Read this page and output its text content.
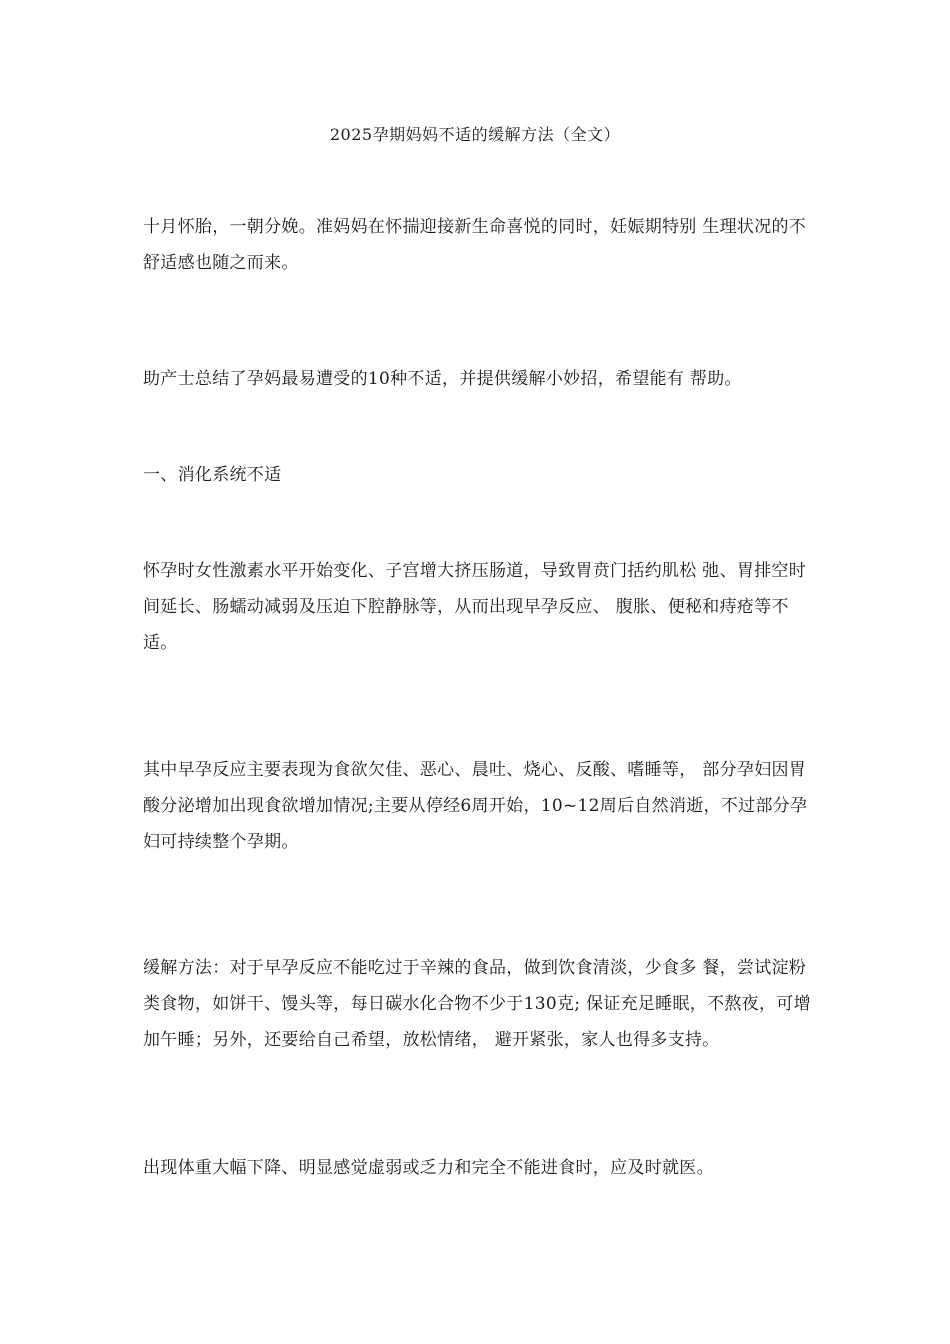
2025孕期妈妈不适的缓解方法（全文）

十月怀胎，一朝分娩。准妈妈在怀揣迎接新生命喜悦的同时，妊娠期特别 生理状况的不舒适感也随之而来。

助产士总结了孕妈最易遭受的10种不适，并提供缓解小妙招，希望能有 帮助。

一、消化系统不适

怀孕时女性激素水平开始变化、子宫增大挤压肠道，导致胃贲门括约肌松 弛、胃排空时间延长、肠蠕动减弱及压迫下腔静脉等，从而出现早孕反应、 腹胀、便秘和痔疮等不适。

其中早孕反应主要表现为食欲欠佳、恶心、晨吐、烧心、反酸、嗜睡等， 部分孕妇因胃酸分泌增加出现食欲增加情况;主要从停经6周开始，10~12周后自然消逝，不过部分孕妇可持续整个孕期。

缓解方法：对于早孕反应不能吃过于辛辣的食品，做到饮食清淡，少食多 餐，尝试淀粉类食物，如饼干、馒头等，每日碳水化合物不少于130克; 保证充足睡眠，不熬夜，可增加午睡；另外，还要给自己希望，放松情绪， 避开紧张，家人也得多支持。

出现体重大幅下降、明显感觉虚弱或乏力和完全不能进食时，应及时就医。
